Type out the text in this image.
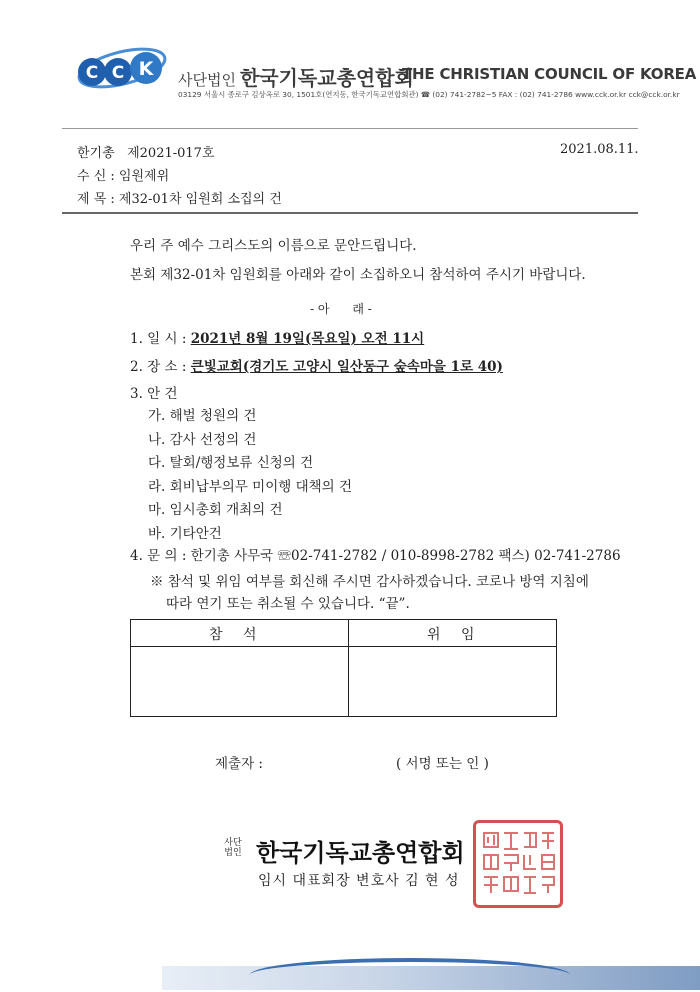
C C K 사단법인 한국기독교총연합회
THE CHRISTIAN COUNCIL OF KOREA
03129 서울시 종로구 김상옥로 30, 1501호(연지동, 한국기독교연합회관) ☎ (02) 741-2782~5 FAX : (02) 741-2786 www.cck.or.kr cck@cck.or.kr
한기총 제2021-017호	2021.08.11.
수 신 : 임원제위
제 목 : 제32-01차 임원회 소집의 건
우리 주 예수 그리스도의 이름으로 문안드립니다.
본회 제32-01차 임원회를 아래와 같이 소집하오니 참석하여 주시기 바랍니다.
- 아      래 -
1. 일 시 : 2021년 8월 19일(목요일) 오전 11시
2. 장 소 : 큰빛교회(경기도 고양시 일산동구 숲속마을 1로 40)
3. 안 건
가. 해벌 청원의 건
나. 감사 선정의 건
다. 탈회/행정보류 신청의 건
라. 회비납부의무 미이행 대책의 건
마. 임시총회 개최의 건
바. 기타안건
4. 문 의 : 한기총 사무국 ☏02-741-2782 / 010-8998-2782 팩스) 02-741-2786
※ 참석 및 위임 여부를 회신해 주시면 감사하겠습니다. 코로나 방역 지침에
따라 연기 또는 취소될 수 있습니다. “끝”.
참 석	위 임
제출자 :	( 서명 또는 인 )
사단
법인 한국기독교총연합회
임시 대표회장 변호사 김 현 성
